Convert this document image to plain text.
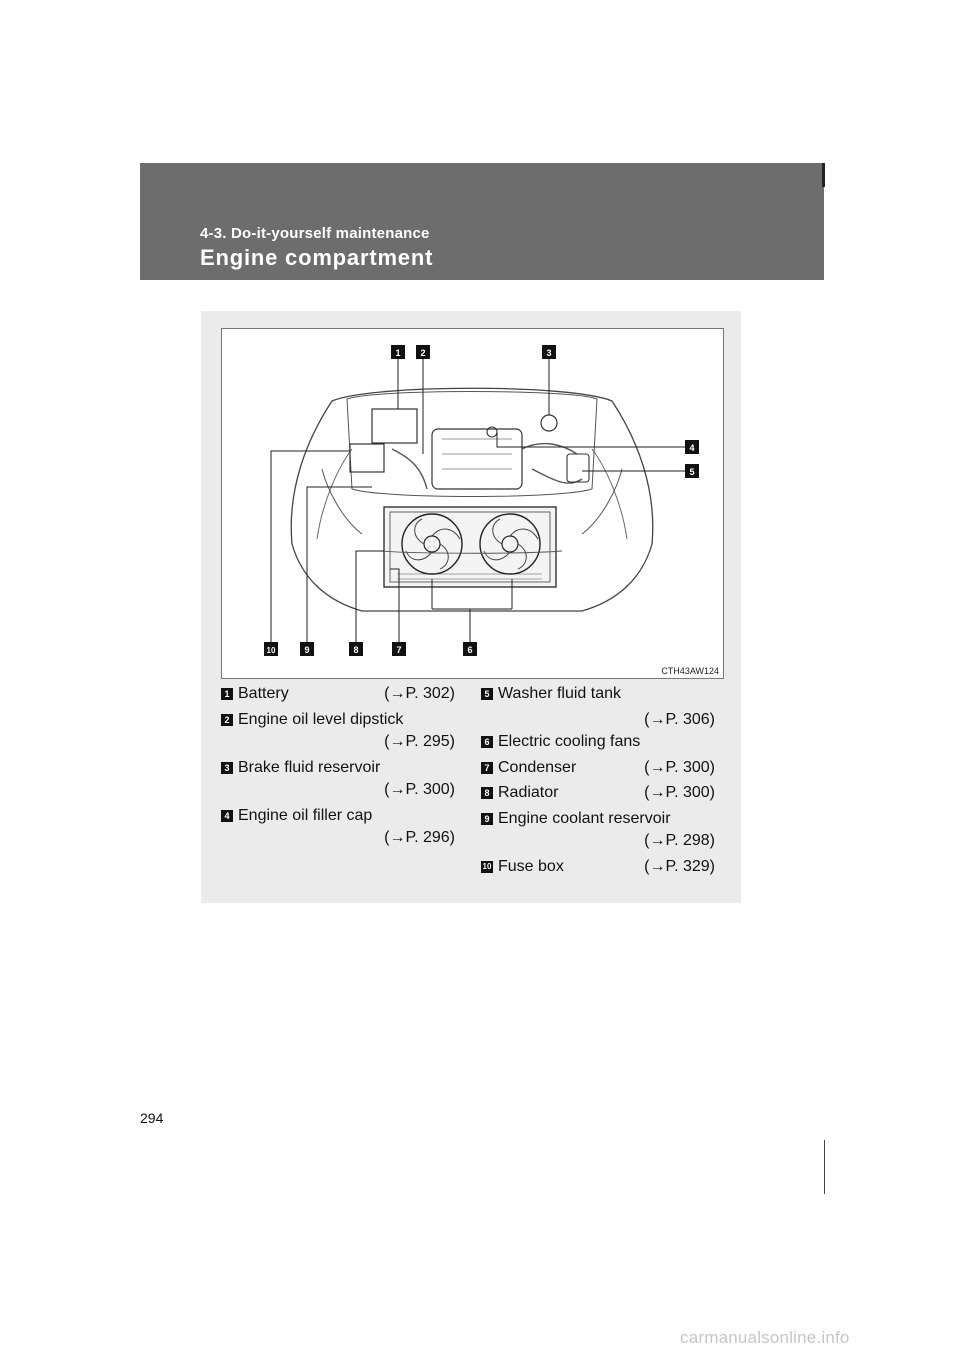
4-3. Do-it-yourself maintenance
Engine compartment
1 2	3
4
5
6
7
8
9
10
CTH43AW124
1 Battery	(→P. 302)
2 Engine oil level dipstick
(→P. 295)
3 Brake fluid reservoir
(→P. 300)
4 Engine oil filler cap
(→P. 296)
5 Washer fluid tank
(→P. 306)
6 Electric cooling fans
7 Condenser	(→P. 300)
8 Radiator	(→P. 300)
9 Engine coolant reservoir
(→P. 298)
10 Fuse box	(→P. 329)
294
carmanualsonline.info
